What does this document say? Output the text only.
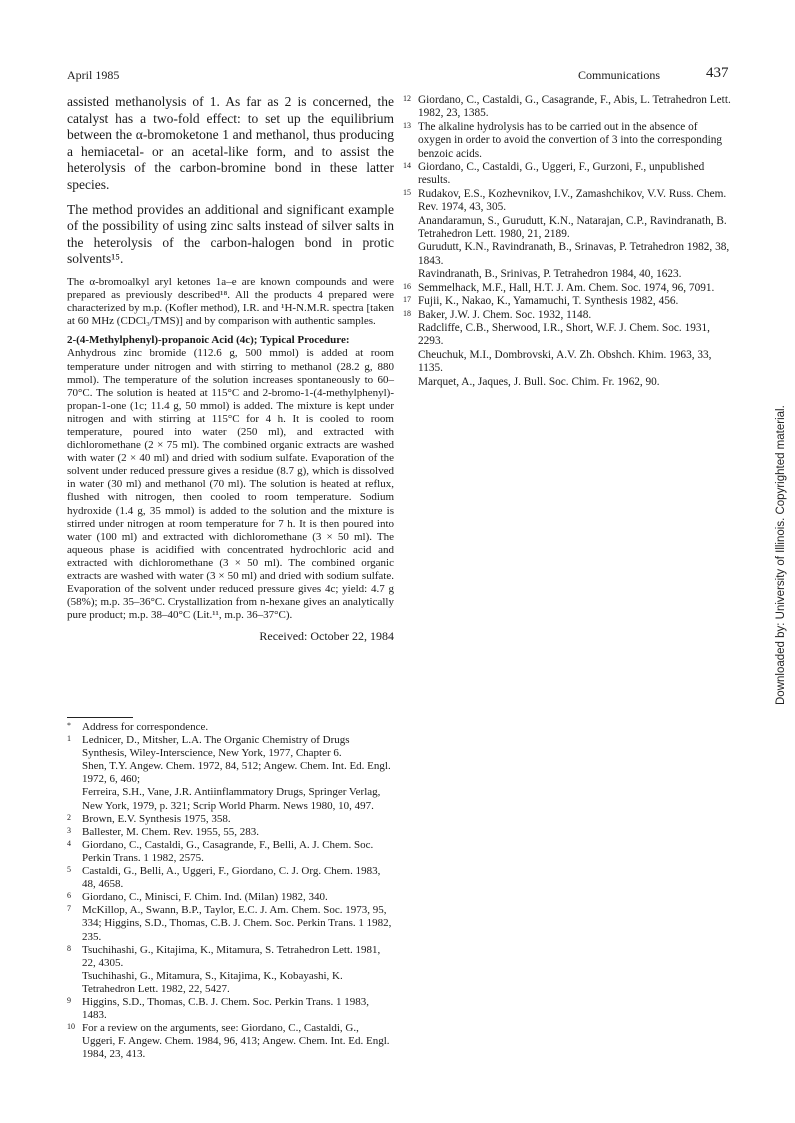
April 1985	Communications	437

assisted methanolysis of 1. As far as 2 is concerned, the catalyst has a two-fold effect: to set up the equilibrium between the α-bromoketone 1 and methanol, thus producing a hemiacetal- or an acetal-like form, and to assist the heterolysis of the carbon-bromine bond in these latter species.

The method provides an additional and significant example of the possibility of using zinc salts instead of silver salts in the heterolysis of the carbon-halogen bond in protic solvents¹⁵.

The α-bromoalkyl aryl ketones 1a–e are known compounds and were prepared as previously described¹⁸. All the products 4 prepared were characterized by m.p. (Kofler method), I.R. and ¹H-N.M.R. spectra [taken at 60 MHz (CDCl₃/TMS)] and by comparison with authentic samples.

2-(4-Methylphenyl)-propanoic Acid (4c); Typical Procedure:

Anhydrous zinc bromide (112.6 g, 500 mmol) is added at room temperature under nitrogen and with stirring to methanol (28.2 g, 880 mmol). The temperature of the solution increases spontaneously to 60–70°C. The solution is heated at 115°C and 2-bromo-1-(4-methylphenyl)-propan-1-one (1c; 11.4 g, 50 mmol) is added. The mixture is kept under nitrogen and with stirring at 115°C for 4 h. It is cooled to room temperature, poured into water (250 ml), and extracted with dichloromethane (2 × 75 ml). The combined organic extracts are washed with water (2 × 40 ml) and dried with sodium sulfate. Evaporation of the solvent under reduced pressure gives a residue (8.7 g), which is dissolved in water (30 ml) and methanol (70 ml). The solution is heated at reflux, flushed with nitrogen, then cooled to room temperature. Sodium hydroxide (1.4 g, 35 mmol) is added to the solution and the mixture is stirred under nitrogen at room temperature for 7 h. It is then poured into water (100 ml) and extracted with dichloromethane (3 × 50 ml). The aqueous phase is acidified with concentrated hydrochloric acid and extracted with dichloromethane (3 × 50 ml). The combined organic extracts are washed with water (3 × 50 ml) and dried with sodium sulfate. Evaporation of the solvent under reduced pressure gives 4c; yield: 4.7 g (58%); m.p. 35–36°C. Crystallization from n-hexane gives an analytically pure product; m.p. 38–40°C (Lit.¹¹, m.p. 36–37°C).

Received: October 22, 1984

* Address for correspondence.
1 Lednicer, D., Mitsher, L.A. The Organic Chemistry of Drugs Synthesis, Wiley-Interscience, New York, 1977, Chapter 6.
Shen, T.Y. Angew. Chem. 1972, 84, 512; Angew. Chem. Int. Ed. Engl. 1972, 6, 460;
Ferreira, S.H., Vane, J.R. Antiinflammatory Drugs, Springer Verlag, New York, 1979, p. 321; Scrip World Pharm. News 1980, 10, 497.
2 Brown, E.V. Synthesis 1975, 358.
3 Ballester, M. Chem. Rev. 1955, 55, 283.
4 Giordano, C., Castaldi, G., Casagrande, F., Belli, A. J. Chem. Soc. Perkin Trans. 1 1982, 2575.
5 Castaldi, G., Belli, A., Uggeri, F., Giordano, C. J. Org. Chem. 1983, 48, 4658.
6 Giordano, C., Minisci, F. Chim. Ind. (Milan) 1982, 340.
7 McKillop, A., Swann, B.P., Taylor, E.C. J. Am. Chem. Soc. 1973, 95, 334; Higgins, S.D., Thomas, C.B. J. Chem. Soc. Perkin Trans. 1 1982, 235.
8 Tsuchihashi, G., Kitajima, K., Mitamura, S. Tetrahedron Lett. 1981, 22, 4305.
Tsuchihashi, G., Mitamura, S., Kitajima, K., Kobayashi, K. Tetrahedron Lett. 1982, 22, 5427.
9 Higgins, S.D., Thomas, C.B. J. Chem. Soc. Perkin Trans. 1 1983, 1483.
10 For a review on the arguments, see: Giordano, C., Castaldi, G., Uggeri, F. Angew. Chem. 1984, 96, 413; Angew. Chem. Int. Ed. Engl. 1984, 23, 413.
12 Giordano, C., Castaldi, G., Casagrande, F., Abis, L. Tetrahedron Lett. 1982, 23, 1385.
13 The alkaline hydrolysis has to be carried out in the absence of oxygen in order to avoid the convertion of 3 into the corresponding benzoic acids.
14 Giordano, C., Castaldi, G., Uggeri, F., Gurzoni, F., unpublished results.
15 Rudakov, E.S., Kozhevnikov, I.V., Zamashchikov, V.V. Russ. Chem. Rev. 1974, 43, 305.
Anandaramun, S., Gurudutt, K.N., Natarajan, C.P., Ravindranath, B. Tetrahedron Lett. 1980, 21, 2189.
Gurudutt, K.N., Ravindranath, B., Srinavas, P. Tetrahedron 1982, 38, 1843.
Ravindranath, B., Srinivas, P. Tetrahedron 1984, 40, 1623.
16 Semmelhack, M.F., Hall, H.T. J. Am. Chem. Soc. 1974, 96, 7091.
17 Fujii, K., Nakao, K., Yamamuchi, T. Synthesis 1982, 456.
18 Baker, J.W. J. Chem. Soc. 1932, 1148.
Radcliffe, C.B., Sherwood, I.R., Short, W.F. J. Chem. Soc. 1931, 2293.
Cheuchuk, M.I., Dombrovski, A.V. Zh. Obshch. Khim. 1963, 33, 1135.
Marquet, A., Jaques, J. Bull. Soc. Chim. Fr. 1962, 90.
Downloaded by: University of Illinois. Copyrighted material.
